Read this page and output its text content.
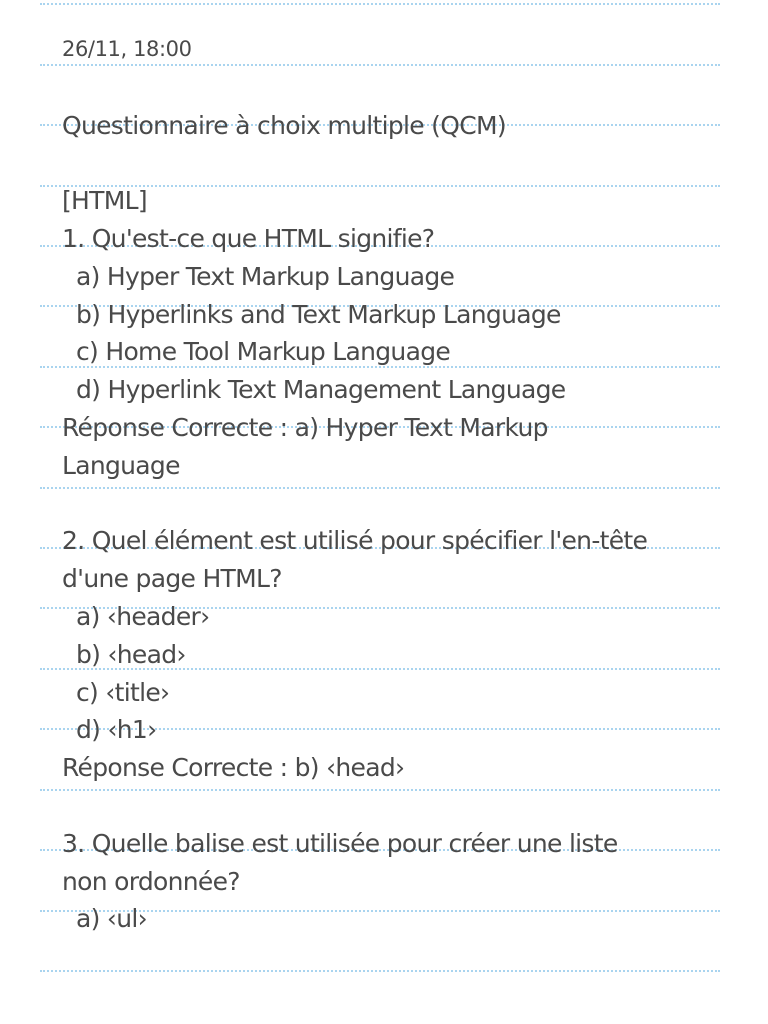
26/11, 18:00
Questionnaire à choix multiple (QCM)
[HTML]
1. Qu'est-ce que HTML signifie?
a) Hyper Text Markup Language
b) Hyperlinks and Text Markup Language
c) Home Tool Markup Language
d) Hyperlink Text Management Language
Réponse Correcte : a) Hyper Text Markup
Language
2. Quel élément est utilisé pour spécifier l'en-tête
d'une page HTML?
a) ‹header›
b) ‹head›
c) ‹title›
d) ‹h1›
Réponse Correcte : b) ‹head›
3. Quelle balise est utilisée pour créer une liste
non ordonnée?
a) ‹ul›
